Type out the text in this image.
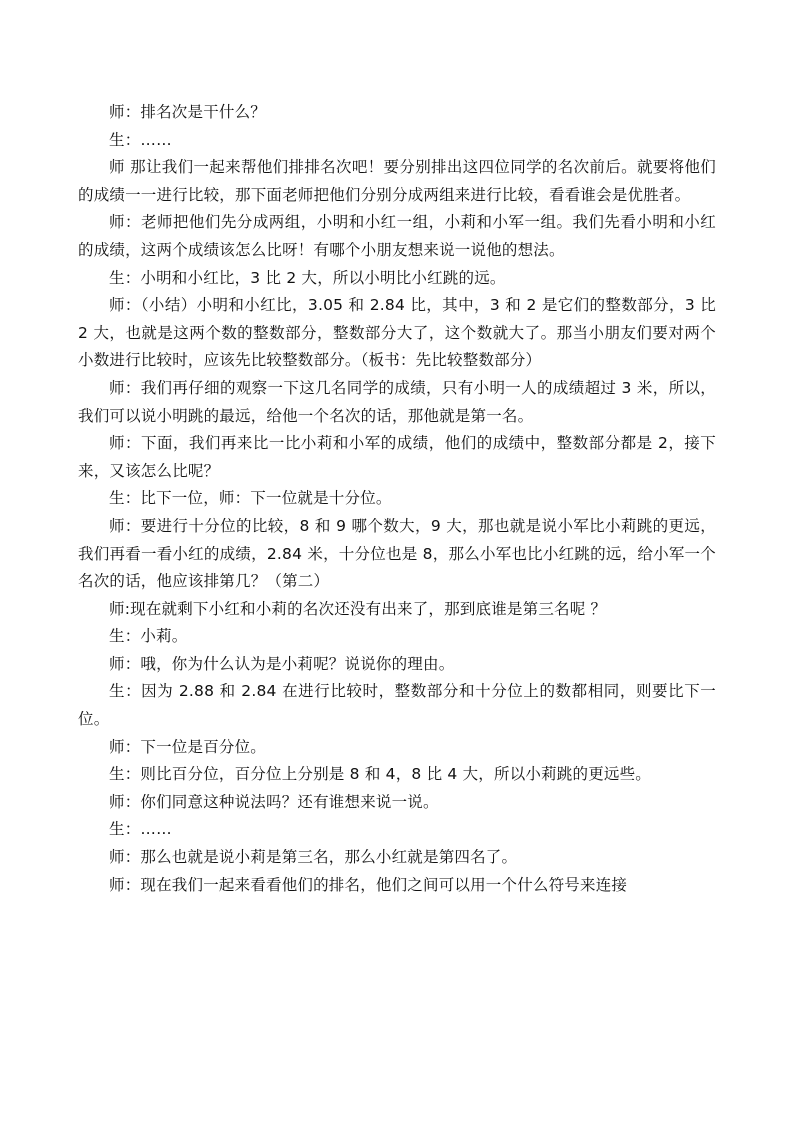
师：排名次是干什么？

生：……

师 那让我们一起来帮他们排排名次吧！要分别排出这四位同学的名次前后。就要将他们的成绩一一进行比较，那下面老师把他们分别分成两组来进行比较，看看谁会是优胜者。

师：老师把他们先分成两组，小明和小红一组，小莉和小军一组。我们先看小明和小红的成绩，这两个成绩该怎么比呀！有哪个小朋友想来说一说他的想法。

生：小明和小红比，3 比 2 大，所以小明比小红跳的远。

师：（小结）小明和小红比，3.05 和 2.84 比，其中，3 和 2 是它们的整数部分，3 比 2 大，也就是这两个数的整数部分，整数部分大了，这个数就大了。那当小朋友们要对两个小数进行比较时，应该先比较整数部分。（板书：先比较整数部分）

师：我们再仔细的观察一下这几名同学的成绩，只有小明一人的成绩超过 3 米，所以，我们可以说小明跳的最远，给他一个名次的话，那他就是第一名。

师：下面，我们再来比一比小莉和小军的成绩，他们的成绩中，整数部分都是 2，接下来，又该怎么比呢？

生：比下一位，师：下一位就是十分位。

师：要进行十分位的比较，8 和 9 哪个数大，9 大，那也就是说小军比小莉跳的更远，我们再看一看小红的成绩，2.84 米，十分位也是 8，那么小军也比小红跳的远，给小军一个名次的话，他应该排第几？（第二）

师:现在就剩下小红和小莉的名次还没有出来了，那到底谁是第三名呢 ？

生：小莉。

师：哦，你为什么认为是小莉呢？说说你的理由。

生：因为 2.88 和 2.84 在进行比较时，整数部分和十分位上的数都相同，则要比下一位。

师：下一位是百分位。

生：则比百分位，百分位上分别是 8 和 4，8 比 4 大，所以小莉跳的更远些。

师：你们同意这种说法吗？还有谁想来说一说。

生：……

师：那么也就是说小莉是第三名，那么小红就是第四名了。

师：现在我们一起来看看他们的排名，他们之间可以用一个什么符号来连接
